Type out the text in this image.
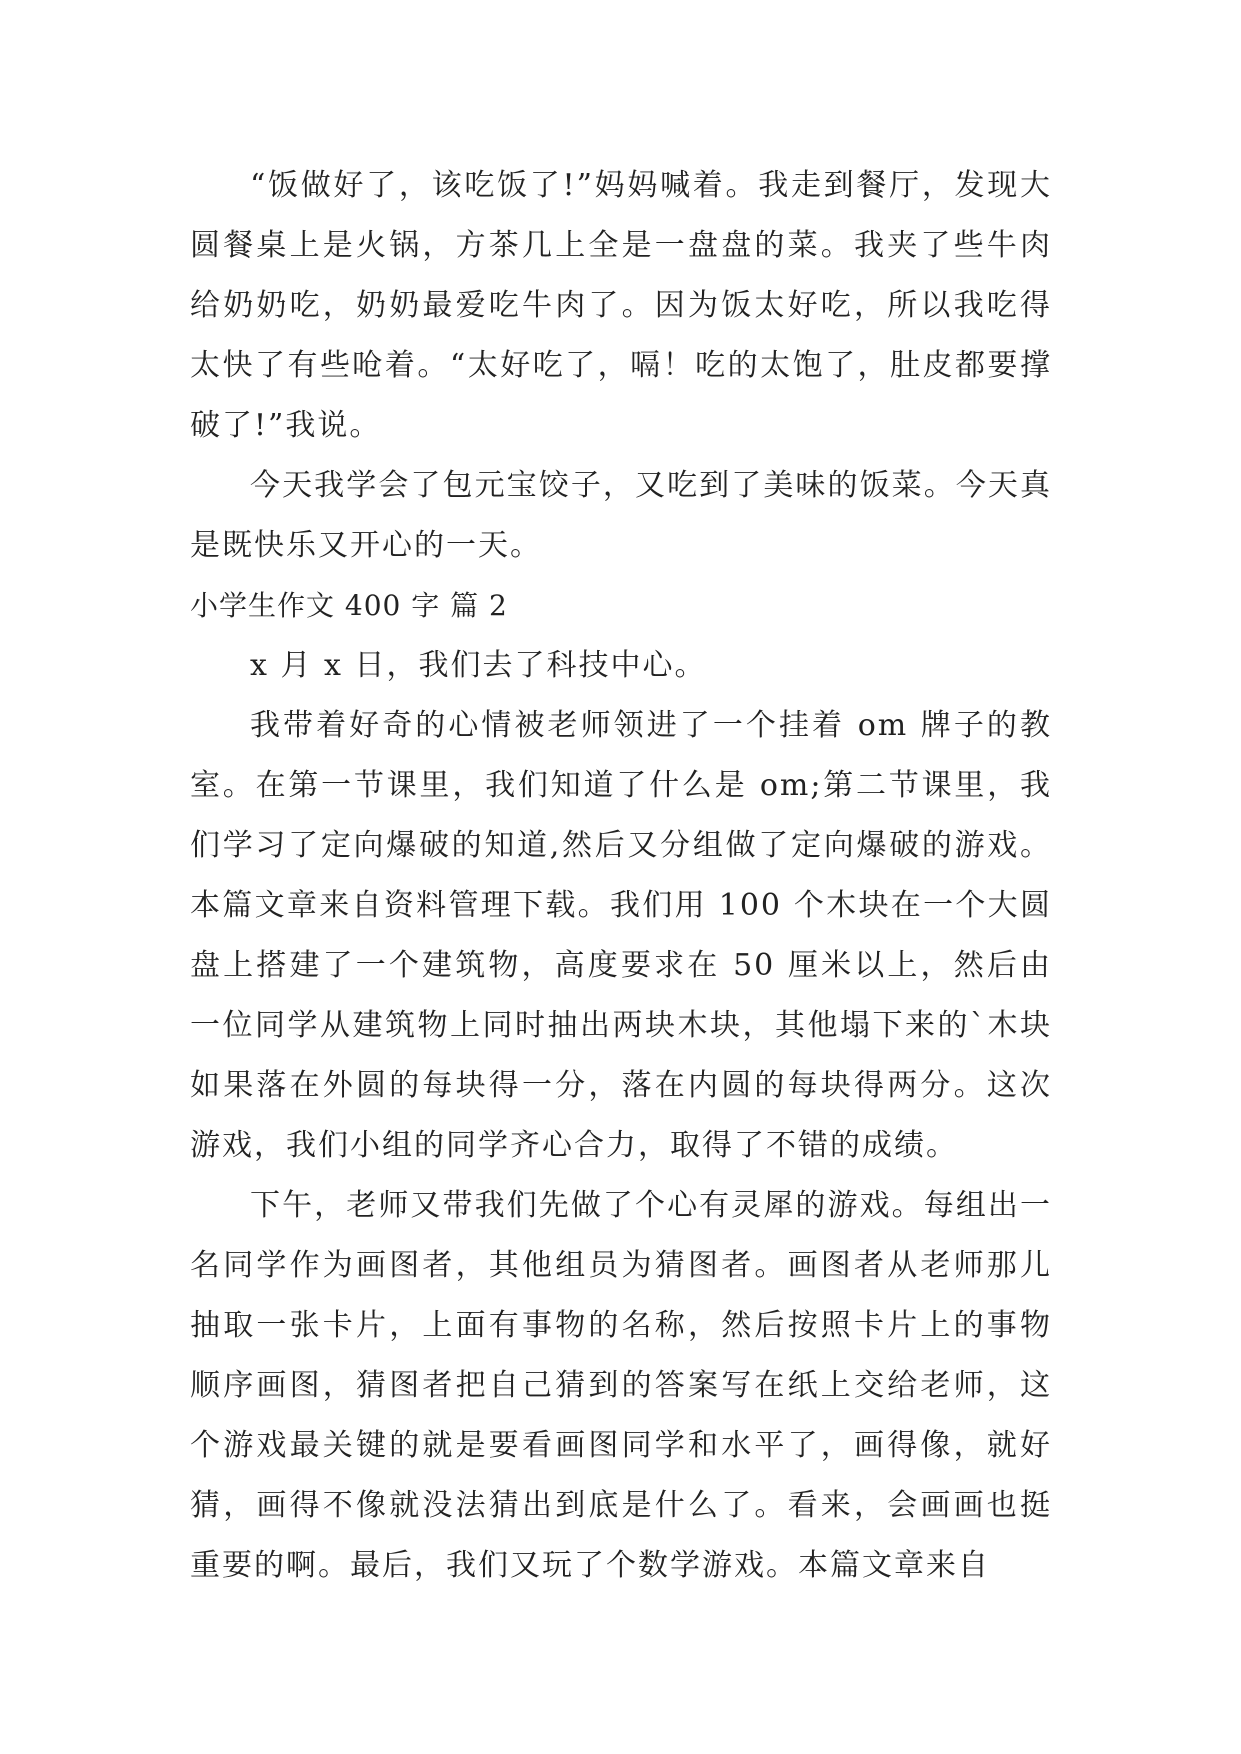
“饭做好了，该吃饭了!”妈妈喊着。我走到餐厅，发现大圆餐桌上是火锅，方茶几上全是一盘盘的菜。我夹了些牛肉给奶奶吃，奶奶最爱吃牛肉了。因为饭太好吃，所以我吃得太快了有些呛着。“太好吃了，嗝！吃的太饱了，肚皮都要撑破了!”我说。

今天我学会了包元宝饺子，又吃到了美味的饭菜。今天真是既快乐又开心的一天。

小学生作文 400 字 篇 2

x 月 x 日，我们去了科技中心。

我带着好奇的心情被老师领进了一个挂着 om 牌子的教室。在第一节课里，我们知道了什么是 om;第二节课里，我们学习了定向爆破的知道,然后又分组做了定向爆破的游戏。本篇文章来自资料管理下载。我们用 100 个木块在一个大圆盘上搭建了一个建筑物，高度要求在 50 厘米以上，然后由一位同学从建筑物上同时抽出两块木块，其他塌下来的`木块如果落在外圆的每块得一分，落在内圆的每块得两分。这次游戏，我们小组的同学齐心合力，取得了不错的成绩。

下午，老师又带我们先做了个心有灵犀的游戏。每组出一名同学作为画图者，其他组员为猜图者。画图者从老师那儿抽取一张卡片，上面有事物的名称，然后按照卡片上的事物顺序画图，猜图者把自己猜到的答案写在纸上交给老师，这个游戏最关键的就是要看画图同学和水平了，画得像，就好猜，画得不像就没法猜出到底是什么了。看来，会画画也挺重要的啊。最后，我们又玩了个数学游戏。本篇文章来自
